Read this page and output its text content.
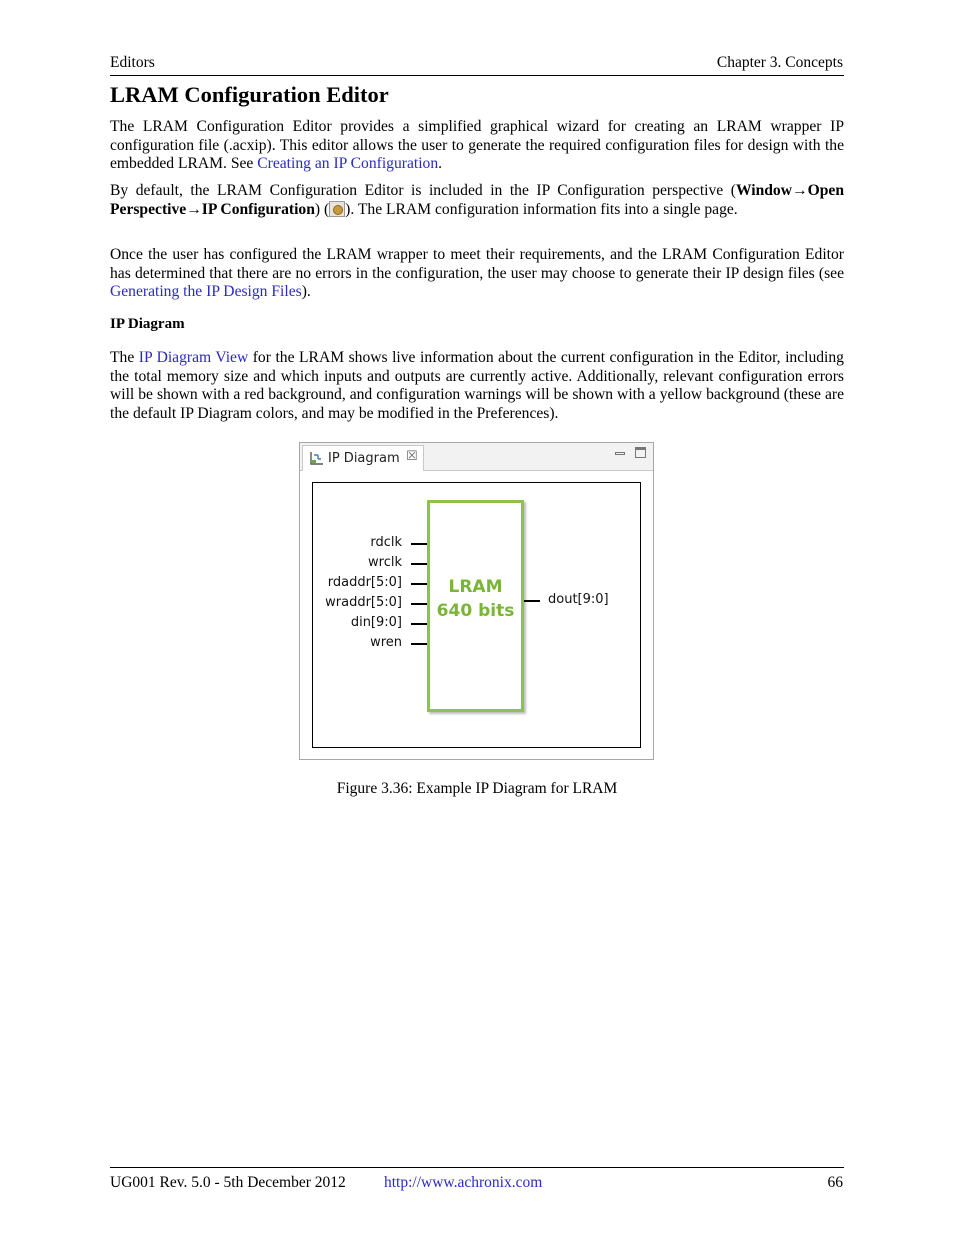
Editors	Chapter 3. Concepts
LRAM Configuration Editor

The LRAM Configuration Editor provides a simplified graphical wizard for creating an LRAM wrapper IP configuration file (.acxip). This editor allows the user to generate the required configuration files for design with the embedded LRAM. See Creating an IP Configuration.

By default, the LRAM Configuration Editor is included in the IP Configuration perspective (Window→Open Perspective→IP Configuration) ( ). The LRAM configuration information fits into a single page.

Once the user has configured the LRAM wrapper to meet their requirements, and the LRAM Configuration Editor has determined that there are no errors in the configuration, the user may choose to generate their IP design files (see Generating the IP Design Files).

IP Diagram

The IP Diagram View for the LRAM shows live information about the current configuration in the Editor, including the total memory size and which inputs and outputs are currently active. Additionally, relevant configuration errors will be shown with a red background, and configuration warnings will be shown with a yellow background (these are the default IP Diagram colors, and may be modified in the Preferences).

IP Diagram ☒
rdclk
wrclk
rdaddr[5:0]
wraddr[5:0]
din[9:0]
wren
LRAM
640 bits
dout[9:0]
Figure 3.36: Example IP Diagram for LRAM
UG001 Rev. 5.0 - 5th December 2012 http://www.achronix.com	66
